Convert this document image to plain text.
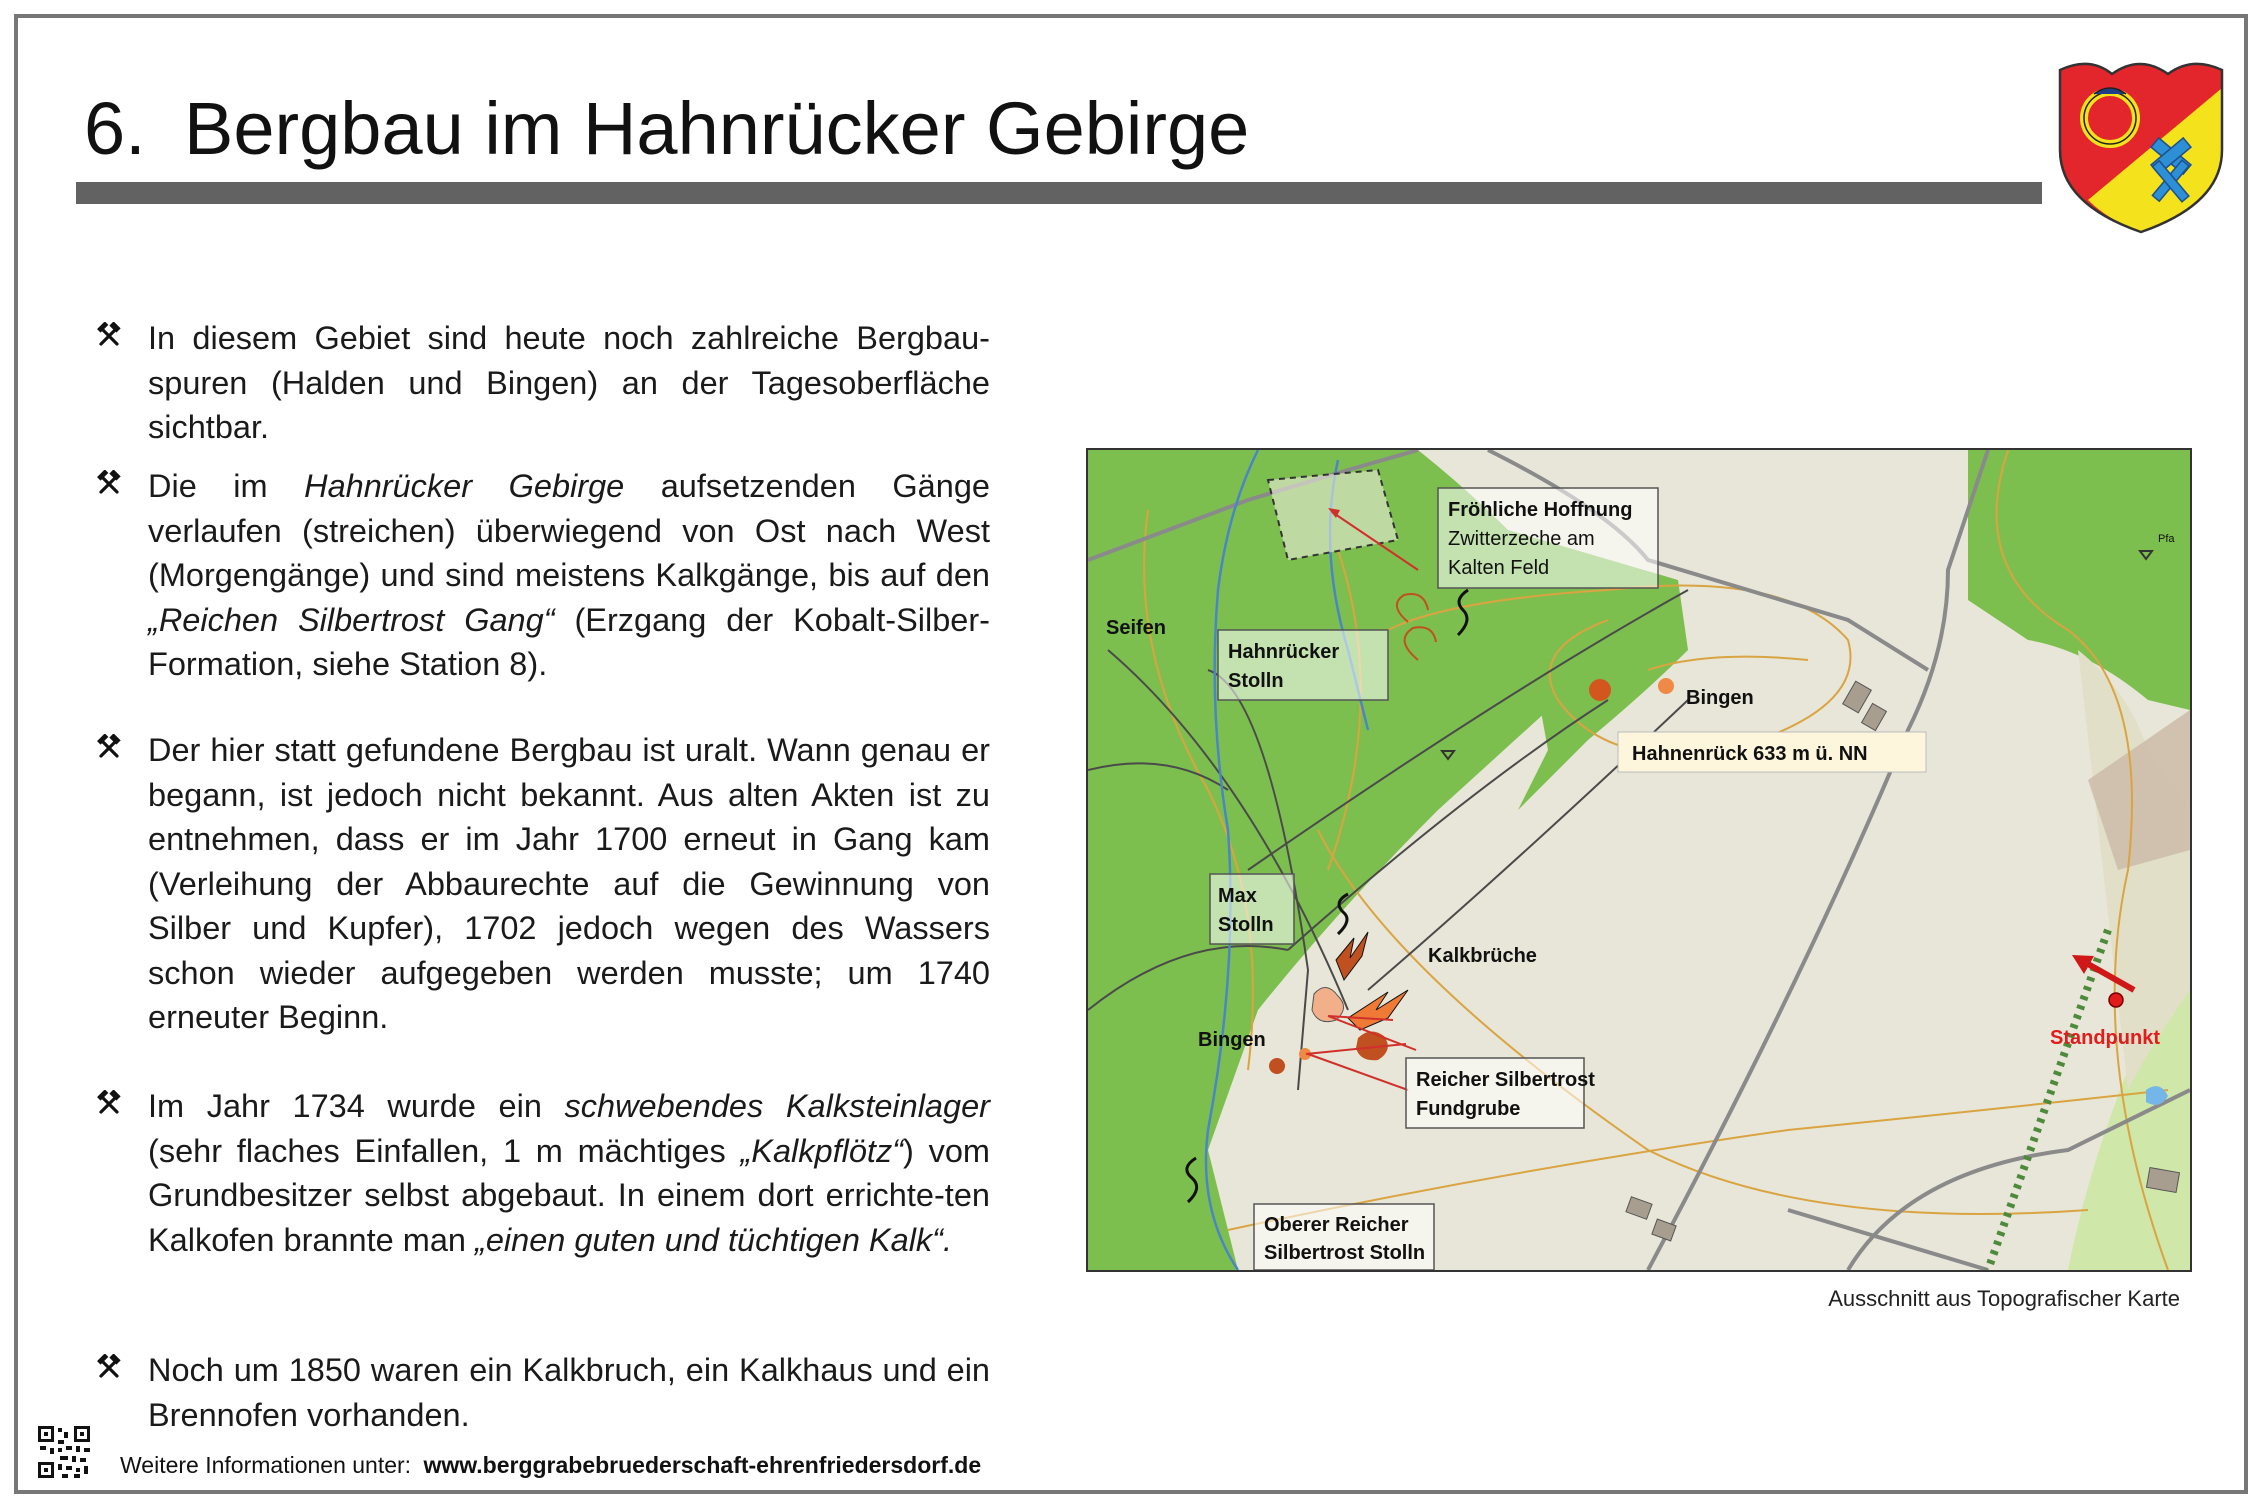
6. Bergbau im Hahnrücker Gebirge
In diesem Gebiet sind heute noch zahlreiche Bergbau-spuren (Halden und Bingen) an der Tagesoberfläche sichtbar.
Die im Hahnrücker Gebirge aufsetzenden Gänge verlaufen (streichen) überwiegend von Ost nach West (Morgengänge) und sind meistens Kalkgänge, bis auf den „Reichen Silbertrost Gang“ (Erzgang der Kobalt-Silber-Formation, siehe Station 8).
Der hier statt gefundene Bergbau ist uralt. Wann genau er begann, ist jedoch nicht bekannt. Aus alten Akten ist zu entnehmen, dass er im Jahr 1700 erneut in Gang kam (Verleihung der Abbaurechte auf die Gewinnung von Silber und Kupfer), 1702 jedoch wegen des Wassers schon wieder aufgegeben werden musste; um 1740 erneuter Beginn.
Im Jahr 1734 wurde ein schwebendes Kalksteinlager (sehr flaches Einfallen, 1 m mächtiges „Kalkpflötz“) vom Grundbesitzer selbst abgebaut. In einem dort errichte-ten Kalkofen brannte man „einen guten und tüchtigen Kalk“.
Noch um 1850 waren ein Kalkbruch, ein Kalkhaus und ein Brennofen vorhanden.
Hahnenrück 633 m ü. NN
Fröhliche Hoffnung
Zwitterzeche am
Kalten Feld
Hahnrücker
Stolln
Max
Stolln
Reicher Silbertrost
Fundgrube
Oberer Reicher
Silbertrost Stolln
Seifen
Bingen
Kalkbrüche
Bingen	Standpunkt
Pfa
Ausschnitt aus Topografischer Karte
Weitere Informationen unter: www.berggrabebruederschaft-ehrenfriedersdorf.de
